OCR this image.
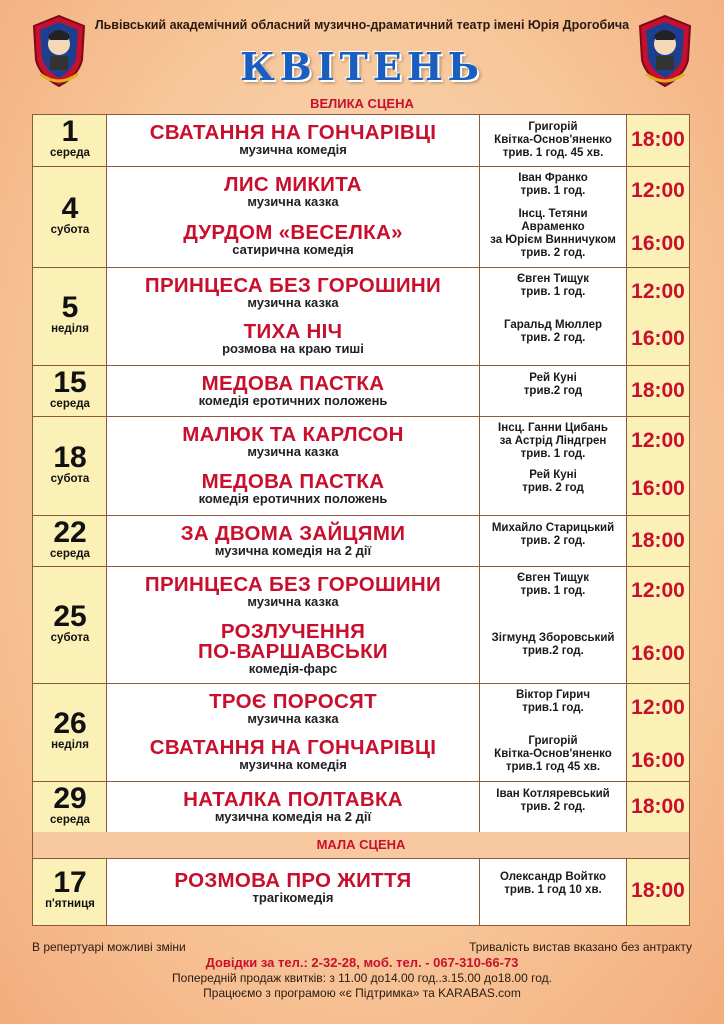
Львівський академічний обласний музично-драматичний театр імені Юрія Дрогобича
КВІТЕНЬ
ВЕЛИКА СЦЕНА
1
середа
СВАТАННЯ НА ГОНЧАРІВЦІ
музична комедія
Григорій
Квітка-Основ'яненко
трив. 1 год. 45 хв.
18:00
4
субота
ЛИС МИКИТА
музична казка
Іван Франко
трив. 1 год.	12:00
ДУРДОМ «ВЕСЕЛКА»
сатирична комедія
Інсц. Тетяни
Авраменко
за Юрієм Винничуком
трив. 2 год.	16:00
5
неділя
ПРИНЦЕСА БЕЗ ГОРОШИНИ
музична казка
Євген Тищук
трив. 1 год.	12:00
ТИХА НІЧ
розмова на краю тиші
Гаральд Мюллер
трив. 2 год.	16:00
15
середа
МЕДОВА ПАСТКА
комедія еротичних положень
Рей Куні
трив.2 год	18:00
18
субота
МАЛЮК ТА КАРЛСОН
музична казка
Інсц. Ганни Цибань
за Астрід Ліндгрен
трив. 1 год.
12:00
МЕДОВА ПАСТКА
комедія еротичних положень
Рей Куні
трив. 2 год	16:00
22
середа
ЗА ДВОМА ЗАЙЦЯМИ
музична комедія на 2 дії
Михайло Старицький
трив. 2 год.	18:00
25
субота
ПРИНЦЕСА БЕЗ ГОРОШИНИ
музична казка
Євген Тищук
трив. 1 год.	12:00
РОЗЛУЧЕННЯ
ПО-ВАРШАВСЬКИ
комедія-фарс
Зігмунд Зборовський
трив.2 год.	16:00
26
неділя
ТРОЄ ПОРОСЯТ
музична казка
Віктор Гирич
трив.1 год.	12:00
СВАТАННЯ НА ГОНЧАРІВЦІ
музична комедія
Григорій
Квітка-Основ'яненко
трив.1 год 45 хв.	16:00
29
середа
НАТАЛКА ПОЛТАВКА
музична комедія на 2 дії
Іван Котляревський
трив. 2 год.	18:00
МАЛА СЦЕНА
17
п'ятниця
РОЗМОВА ПРО ЖИТТЯ
трагікомедія
Олександр Войтко
трив. 1 год 10 хв.	18:00
В репертуарі можливі зміни	Тривалість вистав вказано без антракту
Довідки за тел.: 2-32-28, моб. тел. - 067-310-66-73
Попередній продаж квитків: з 11.00 до14.00 год..з.15.00 до18.00 год.
Працюємо з програмою «є Підтримка» та KARABAS.com
